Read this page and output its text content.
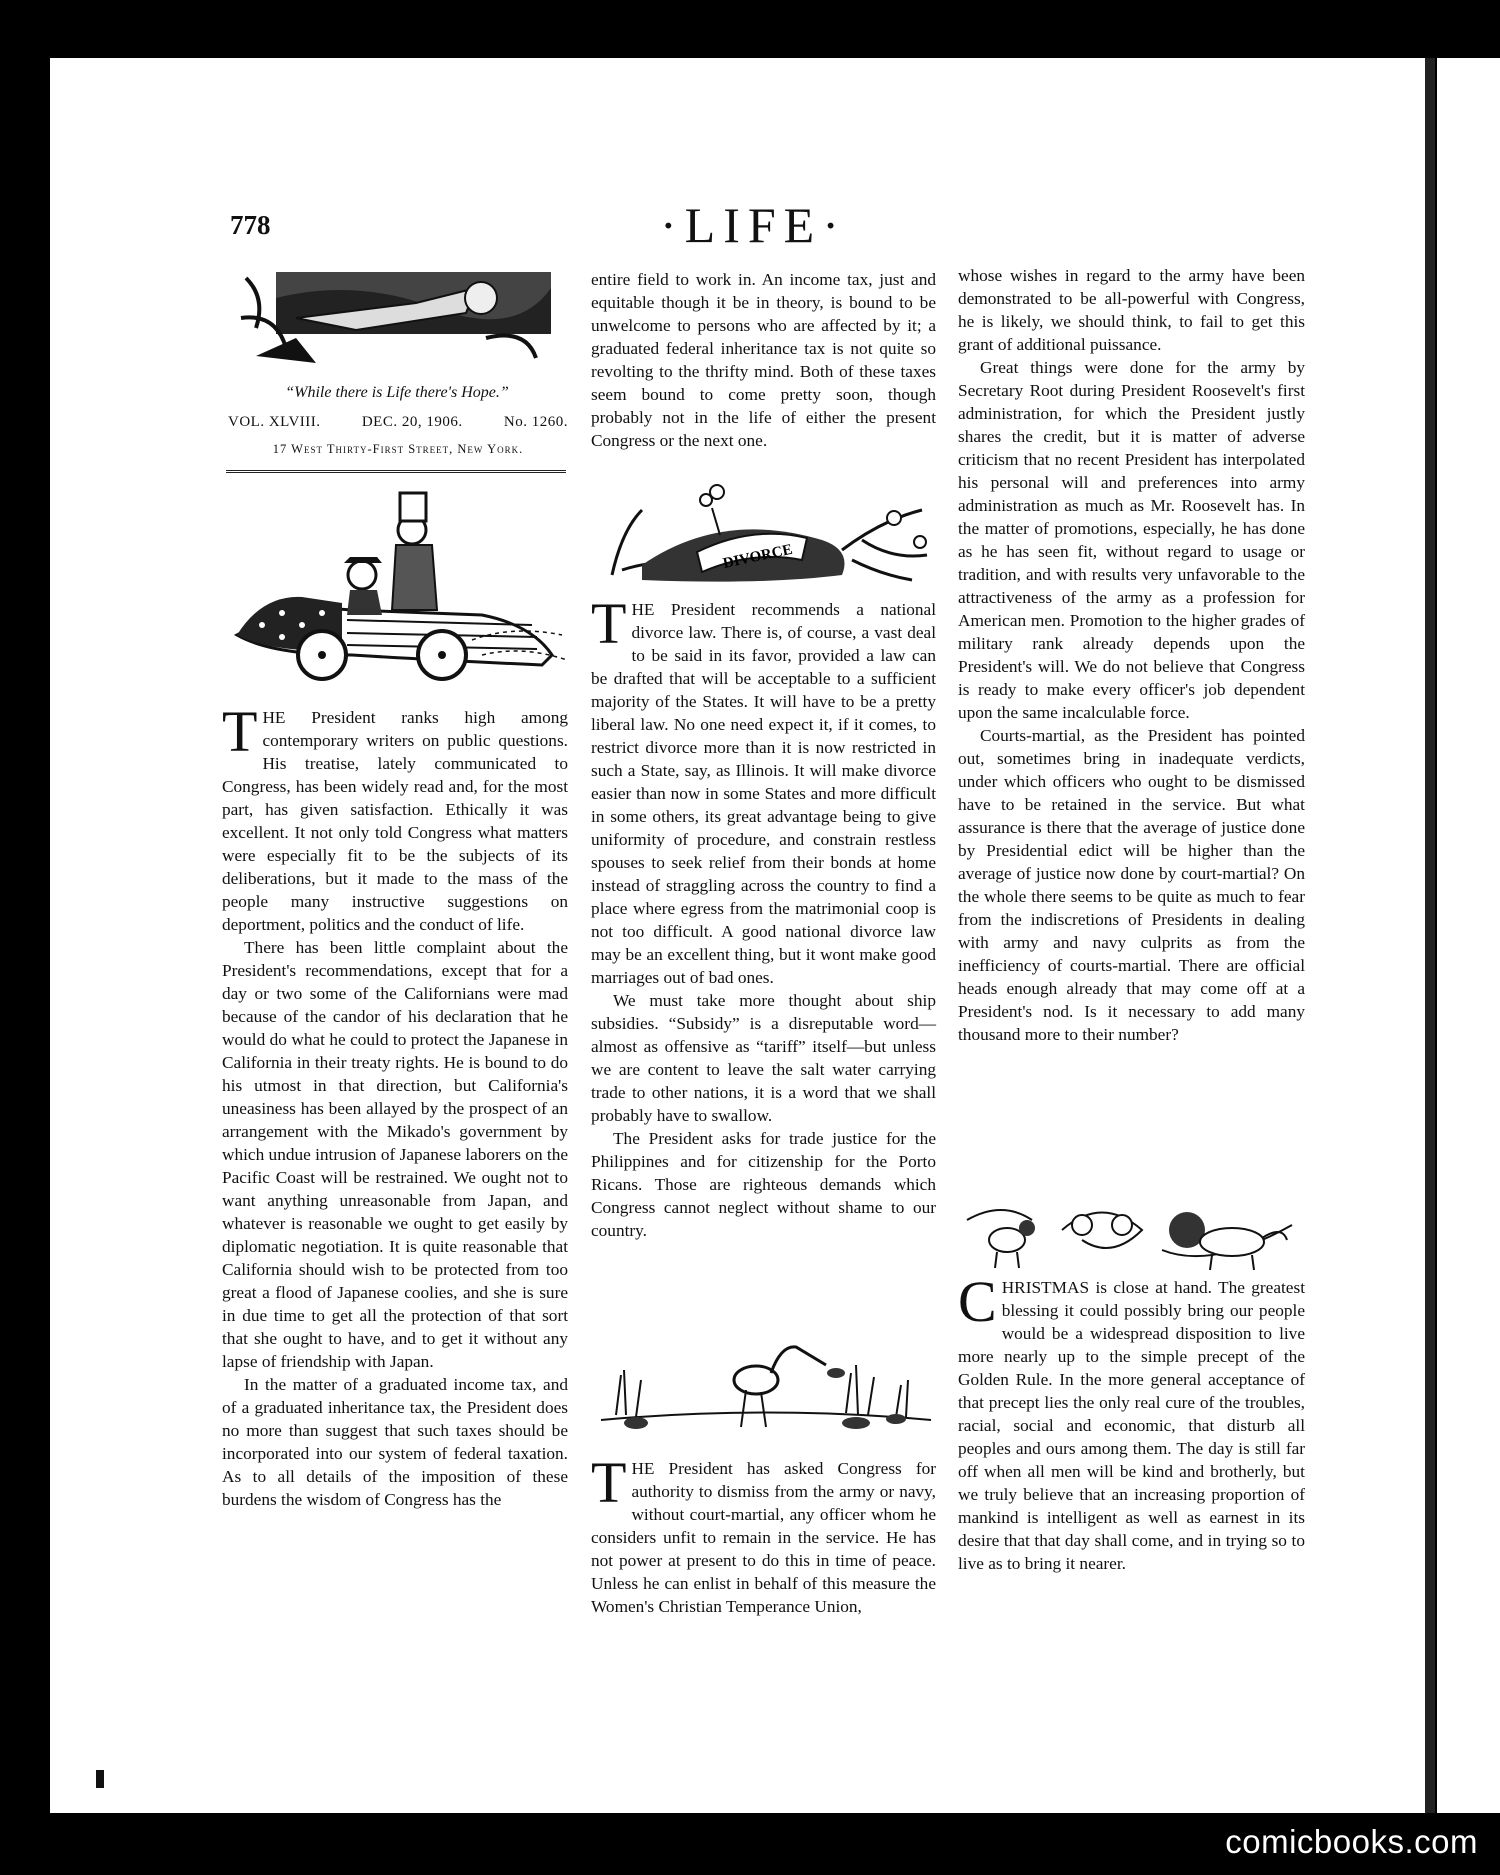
778	·LIFE·
“While there is Life there's Hope.”
VOL. XLVIII.	DEC. 20, 1906.	No. 1260.
17 West Thirty-First Street, New York.

THE President ranks high among contemporary writers on public questions. His treatise, lately communicated to Congress, has been widely read and, for the most part, has given satisfaction. Ethically it was excellent. It not only told Congress what matters were especially fit to be the subjects of its deliberations, but it made to the mass of the people many instructive suggestions on deportment, politics and the conduct of life.

There has been little complaint about the President's recommendations, except that for a day or two some of the Californians were mad because of the candor of his declaration that he would do what he could to protect the Japanese in California in their treaty rights. He is bound to do his utmost in that direction, but California's uneasiness has been allayed by the prospect of an arrangement with the Mikado's government by which undue intrusion of Japanese laborers on the Pacific Coast will be restrained. We ought not to want anything unreasonable from Japan, and whatever is reasonable we ought to get easily by diplomatic negotiation. It is quite reasonable that California should wish to be protected from too great a flood of Japanese coolies, and she is sure in due time to get all the protection of that sort that she ought to have, and to get it without any lapse of friendship with Japan.

In the matter of a graduated income tax, and of a graduated inheritance tax, the President does no more than suggest that such taxes should be incorporated into our system of federal taxation. As to all details of the imposition of these burdens the wisdom of Congress has the

entire field to work in. An income tax, just and equitable though it be in theory, is bound to be unwelcome to persons who are affected by it; a graduated federal inheritance tax is not quite so revolting to the thrifty mind. Both of these taxes seem bound to come pretty soon, though probably not in the life of either the present Congress or the next one.

DIVORCE

THE President recommends a national divorce law. There is, of course, a vast deal to be said in its favor, provided a law can be drafted that will be acceptable to a sufficient majority of the States. It will have to be a pretty liberal law. No one need expect it, if it comes, to restrict divorce more than it is now restricted in such a State, say, as Illinois. It will make divorce easier than now in some States and more difficult in some others, its great advantage being to give uniformity of procedure, and constrain restless spouses to seek relief from their bonds at home instead of straggling across the country to find a place where egress from the matrimonial coop is not too difficult. A good national divorce law may be an excellent thing, but it wont make good marriages out of bad ones.

We must take more thought about ship subsidies. “Subsidy” is a disreputable word—almost as offensive as “tariff” itself—but unless we are content to leave the salt water carrying trade to other nations, it is a word that we shall probably have to swallow.

The President asks for trade justice for the Philippines and for citizenship for the Porto Ricans. Those are righteous demands which Congress cannot neglect without shame to our country.

THE President has asked Congress for authority to dismiss from the army or navy, without court-martial, any officer whom he considers unfit to remain in the service. He has not power at present to do this in time of peace. Unless he can enlist in behalf of this measure the Women's Christian Temperance Union,

whose wishes in regard to the army have been demonstrated to be all-powerful with Congress, he is likely, we should think, to fail to get this grant of additional puissance.

Great things were done for the army by Secretary Root during President Roosevelt's first administration, for which the President justly shares the credit, but it is matter of adverse criticism that no recent President has interpolated his personal will and preferences into army administration as much as Mr. Roosevelt has. In the matter of promotions, especially, he has done as he has seen fit, without regard to usage or tradition, and with results very unfavorable to the attractiveness of the army as a profession for American men. Promotion to the higher grades of military rank already depends upon the President's will. We do not believe that Congress is ready to make every officer's job dependent upon the same incalculable force.

Courts-martial, as the President has pointed out, sometimes bring in inadequate verdicts, under which officers who ought to be dismissed have to be retained in the service. But what assurance is there that the average of justice done by Presidential edict will be higher than the average of justice now done by court-martial? On the whole there seems to be quite as much to fear from the indiscretions of Presidents in dealing with army and navy culprits as from the inefficiency of courts-martial. There are official heads enough already that may come off at a President's nod. Is it necessary to add many thousand more to their number?

CHRISTMAS is close at hand. The greatest blessing it could possibly bring our people would be a widespread disposition to live more nearly up to the simple precept of the Golden Rule. In the more general acceptance of that precept lies the only real cure of the troubles, racial, social and economic, that disturb all peoples and ours among them. The day is still far off when all men will be kind and brotherly, but we truly believe that an increasing proportion of mankind is intelligent as well as earnest in its desire that that day shall come, and in trying so to live as to bring it nearer.

comicbooks.com
